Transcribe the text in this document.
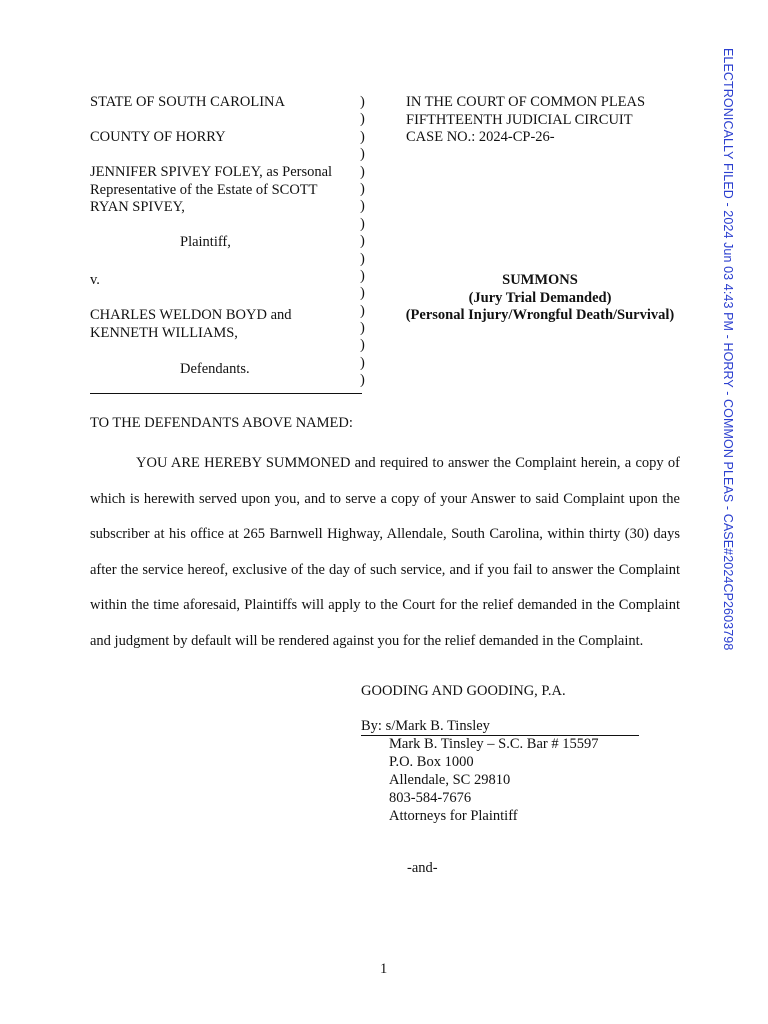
STATE OF SOUTH CAROLINA
COUNTY OF HORRY
JENNIFER SPIVEY FOLEY, as Personal
Representative of the Estate of SCOTT
RYAN SPIVEY,
Plaintiff,
v.
CHARLES WELDON BOYD and
KENNETH WILLIAMS,
Defendants.
)
)
)
)
)
)
)
)
)
)
)
)
)
)
)
)
)
IN THE COURT OF COMMON PLEAS
FIFTHTEENTH JUDICIAL CIRCUIT
CASE NO.: 2024-CP-26-
SUMMONS
(Jury Trial Demanded)
(Personal Injury/Wrongful Death/Survival)
TO THE DEFENDANTS ABOVE NAMED:

YOU ARE HEREBY SUMMONED and required to answer the Complaint herein, a copy of which is herewith served upon you, and to serve a copy of your Answer to said Complaint upon the subscriber at his office at 265 Barnwell Highway, Allendale, South Carolina, within thirty (30) days after the service hereof, exclusive of the day of such service, and if you fail to answer the Complaint within the time aforesaid, Plaintiffs will apply to the Court for the relief demanded in the Complaint and judgment by default will be rendered against you for the relief demanded in the Complaint.

GOODING AND GOODING, P.A.
By: s/Mark B. Tinsley
Mark B. Tinsley – S.C. Bar # 15597
P.O. Box 1000
Allendale, SC 29810
803-584-7676
Attorneys for Plaintiff
-and-
1
ELECTRONICALLY FILED - 2024 Jun 03 4:43 PM - HORRY - COMMON PLEAS - CASE#2024CP2603798
